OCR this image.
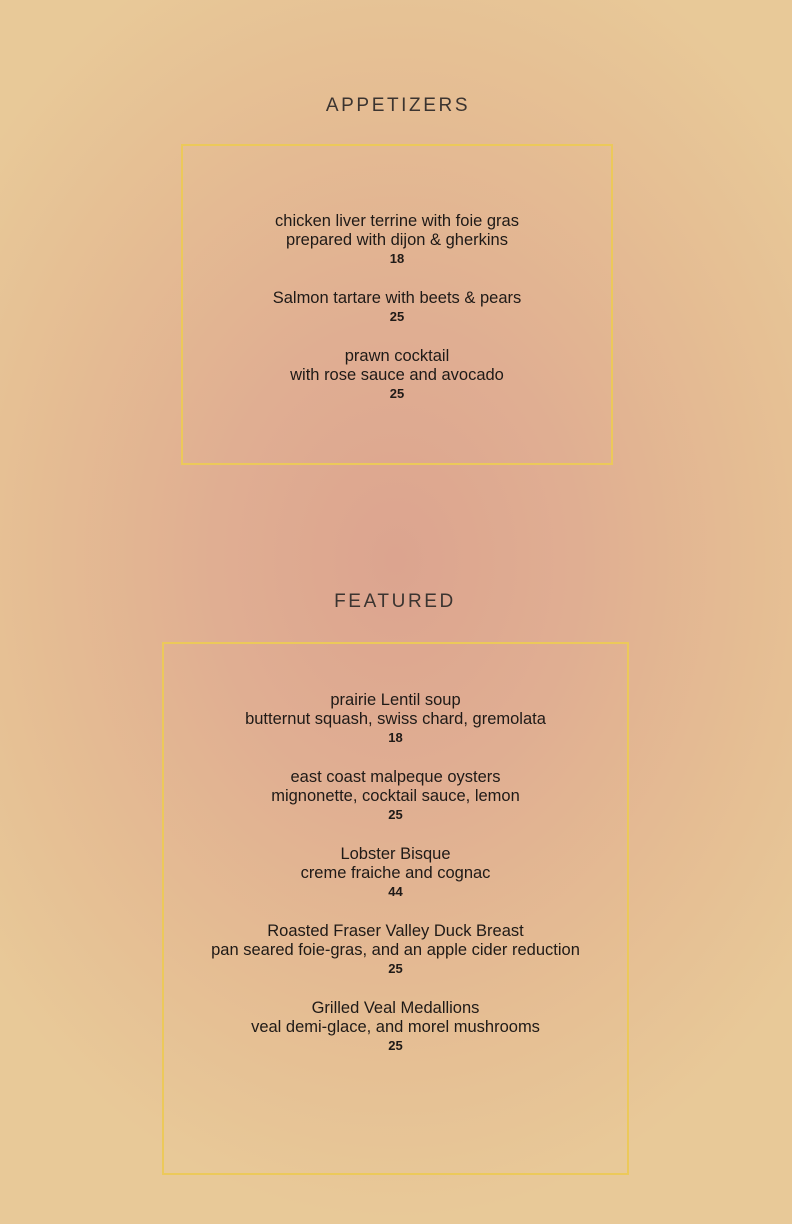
APPETIZERS
chicken liver terrine with foie gras
prepared with dijon & gherkins
18
Salmon tartare with beets & pears
25
prawn cocktail
with rose sauce and avocado
25
FEATURED
prairie Lentil soup
butternut squash, swiss chard, gremolata
18
east coast malpeque oysters
mignonette, cocktail sauce, lemon
25
Lobster Bisque
creme fraiche and cognac
44
Roasted Fraser Valley Duck Breast
pan seared foie-gras, and an apple cider reduction
25
Grilled Veal Medallions
veal demi-glace, and morel mushrooms
25
